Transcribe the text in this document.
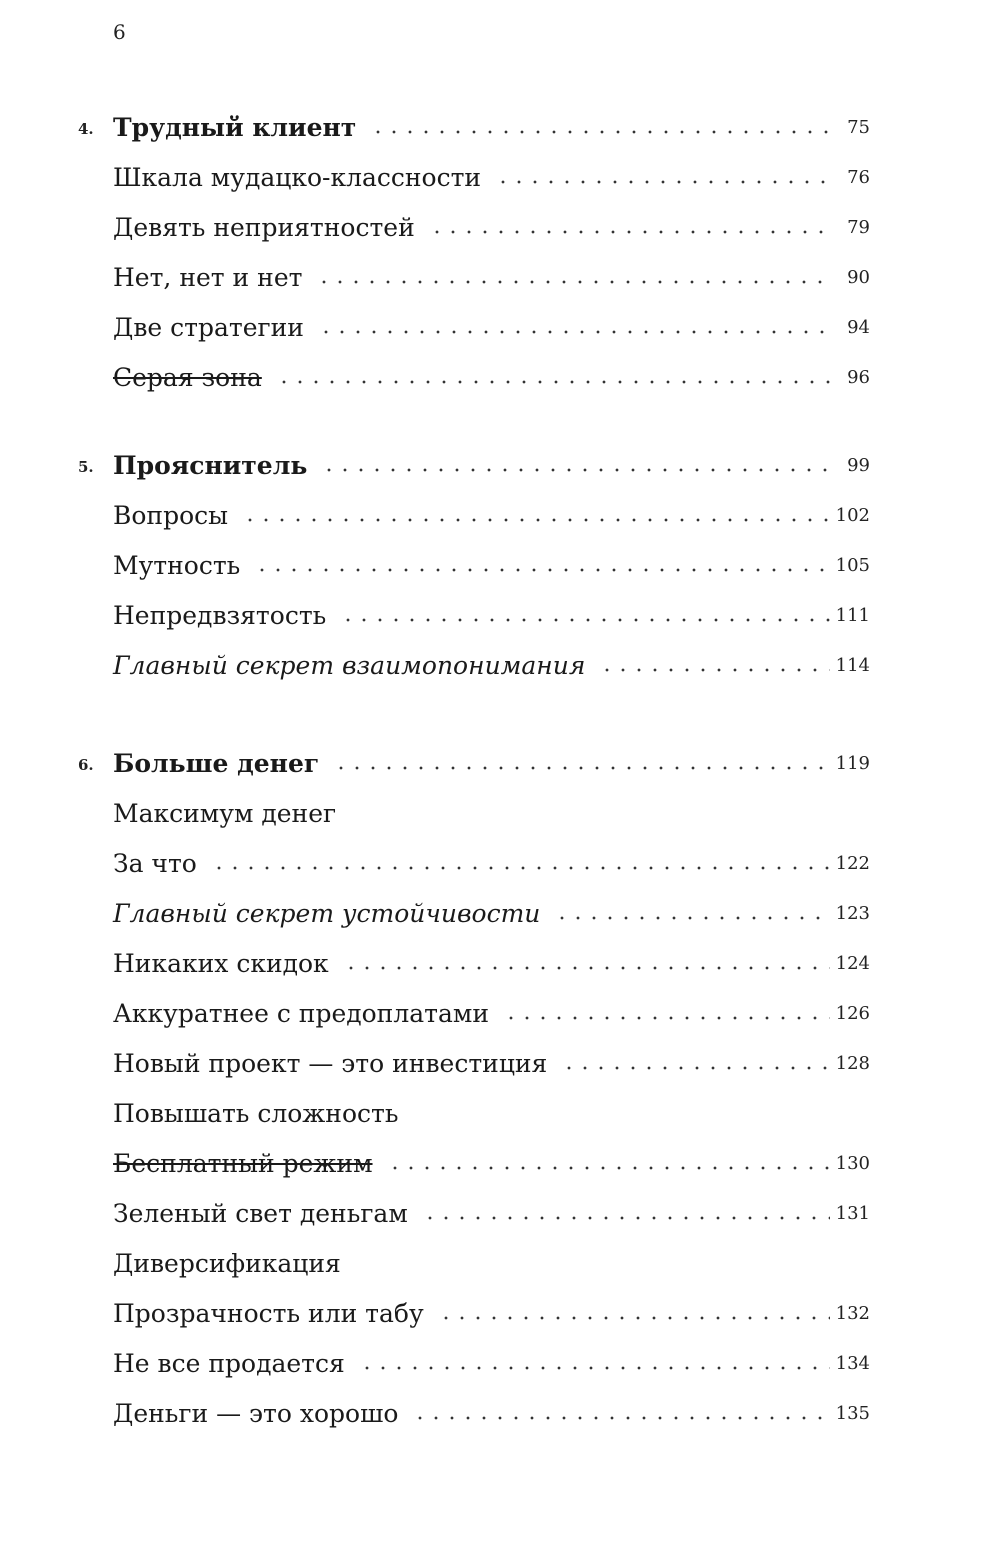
6
4. Трудный клиент	75
Шкала мудацко-классности	76
Девять неприятностей	79
Нет, нет и нет	90
Две стратегии	94
Серая зона	96
5. Прояснитель	99
Вопросы	102
Мутность	105
Непредвзятость	111
Главный секрет взаимопонимания	114
6. Больше денег	119
Максимум денег
За что	122
Главный секрет устойчивости	123
Никаких скидок	124
Аккуратнее с предоплатами	126
Новый проект — это инвестиция	128
Повышать сложность
Бесплатный режим	130
Зеленый свет деньгам	131
Диверсификация
Прозрачность или табу	132
Не все продается	134
Деньги — это хорошо	135
